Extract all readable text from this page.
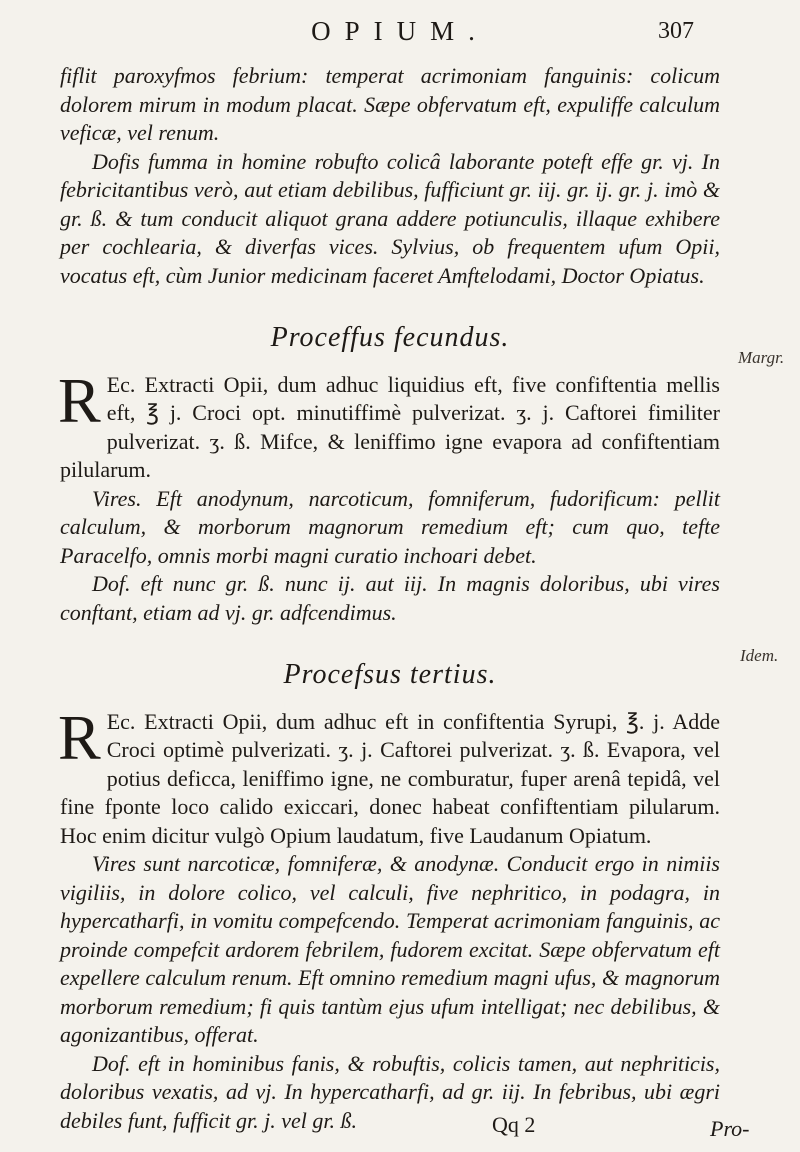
OPIUM.	307

fiflit paroxyfmos febrium: temperat acrimoniam fanguinis: colicum dolorem mirum in modum placat. Sæpe obfervatum eft, expuliffe calculum veficæ, vel renum.

Dofis fumma in homine robufto colicâ laborante poteft effe gr. vj. In febricitantibus verò, aut etiam debilibus, fufficiunt gr. iij. gr. ij. gr. j. imò & gr. ß. & tum conducit aliquot grana addere potiunculis, illaque exhibere per cochlearia, & diverfas vices. Sylvius, ob frequentem ufum Opii, vocatus eft, cùm Junior medicinam faceret Amftelodami, Doctor Opiatus.

Proceffus fecundus.

R Ec. Extracti Opii, dum adhuc liquidius eft, five confiftentia mellis eft, ℥ j. Croci opt. minutiffimè pulverizat. ʒ. j. Caftorei fimiliter pulverizat. ʒ. ß. Mifce, & leniffimo igne evapora ad confiftentiam pilularum.

Vires. Eft anodynum, narcoticum, fomniferum, fudorificum: pellit calculum, & morborum magnorum remedium eft; cum quo, tefte Paracelfo, omnis morbi magni curatio inchoari debet.

Dof. eft nunc gr. ß. nunc ij. aut iij. In magnis doloribus, ubi vires conftant, etiam ad vj. gr. adfcendimus.

Procefsus tertius.

R Ec. Extracti Opii, dum adhuc eft in confiftentia Syrupi, ℥. j. Adde Croci optimè pulverizati. ʒ. j. Caftorei pulverizat. ʒ. ß. Evapora, vel potius deficca, leniffimo igne, ne comburatur, fuper arenâ tepidâ, vel fine fponte loco calido exiccari, donec habeat confiftentiam pilularum. Hoc enim dicitur vulgò Opium laudatum, five Laudanum Opiatum.

Vires sunt narcoticæ, fomniferæ, & anodynæ. Conducit ergo in nimiis vigiliis, in dolore colico, vel calculi, five nephritico, in podagra, in hypercatharfi, in vomitu compefcendo. Temperat acrimoniam fanguinis, ac proinde compefcit ardorem febrilem, fudorem excitat. Sæpe obfervatum eft expellere calculum renum. Eft omnino remedium magni ufus, & magnorum morborum remedium; fi quis tantùm ejus ufum intelligat; nec debilibus, & agonizantibus, offerat.

Dof. eft in hominibus fanis, & robuftis, colicis tamen, aut nephriticis, doloribus vexatis, ad vj. In hypercatharfi, ad gr. iij. In febribus, ubi ægri debiles funt, fufficit gr. j. vel gr. ß.

Margr.
Idem.
Qq 2	Pro-
